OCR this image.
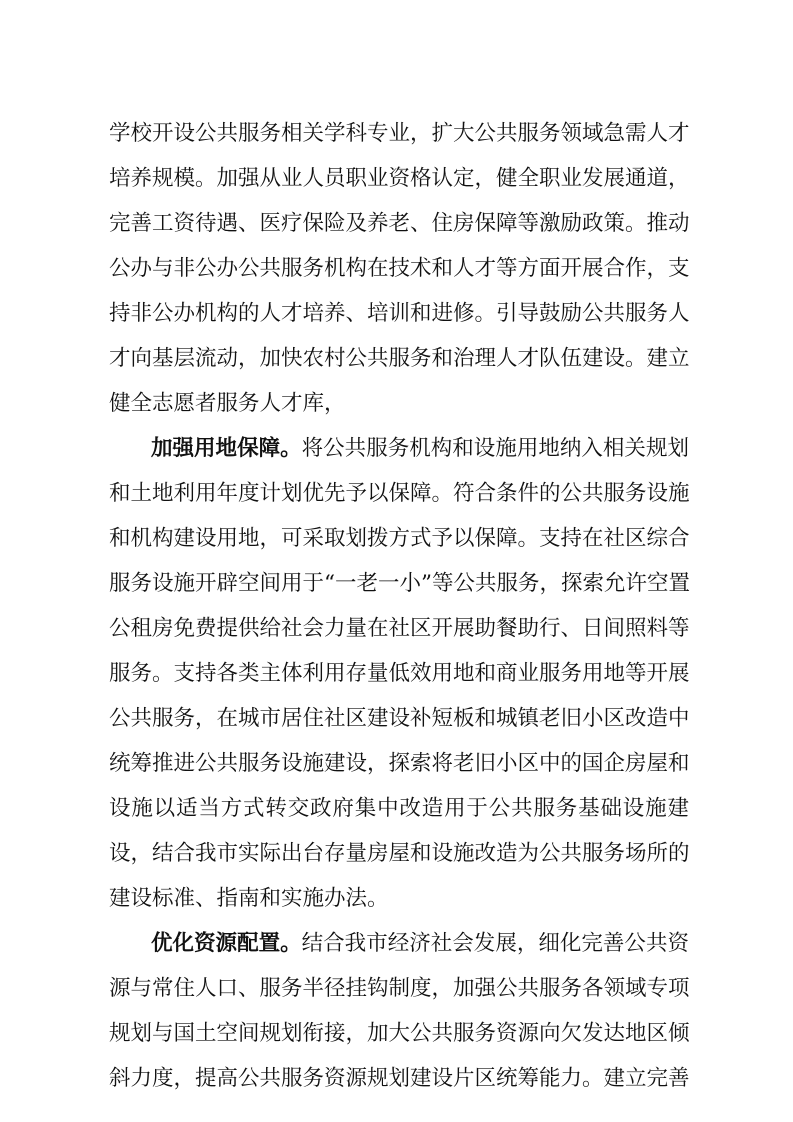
学校开设公共服务相关学科专业，扩大公共服务领域急需人才
培养规模。加强从业人员职业资格认定，健全职业发展通道，
完善工资待遇、医疗保险及养老、住房保障等激励政策。推动
公办与非公办公共服务机构在技术和人才等方面开展合作，支
持非公办机构的人才培养、培训和进修。引导鼓励公共服务人
才向基层流动，加快农村公共服务和治理人才队伍建设。建立
健全志愿者服务人才库，
加强用地保障。将公共服务机构和设施用地纳入相关规划
和土地利用年度计划优先予以保障。符合条件的公共服务设施
和机构建设用地，可采取划拨方式予以保障。支持在社区综合
服务设施开辟空间用于“一老一小”等公共服务，探索允许空置
公租房免费提供给社会力量在社区开展助餐助行、日间照料等
服务。支持各类主体利用存量低效用地和商业服务用地等开展
公共服务，在城市居住社区建设补短板和城镇老旧小区改造中
统筹推进公共服务设施建设，探索将老旧小区中的国企房屋和
设施以适当方式转交政府集中改造用于公共服务基础设施建
设，结合我市实际出台存量房屋和设施改造为公共服务场所的
建设标准、指南和实施办法。
优化资源配置。结合我市经济社会发展，细化完善公共资
源与常住人口、服务半径挂钩制度，加强公共服务各领域专项
规划与国土空间规划衔接，加大公共服务资源向欠发达地区倾
斜力度，提高公共服务资源规划建设片区统筹能力。建立完善
